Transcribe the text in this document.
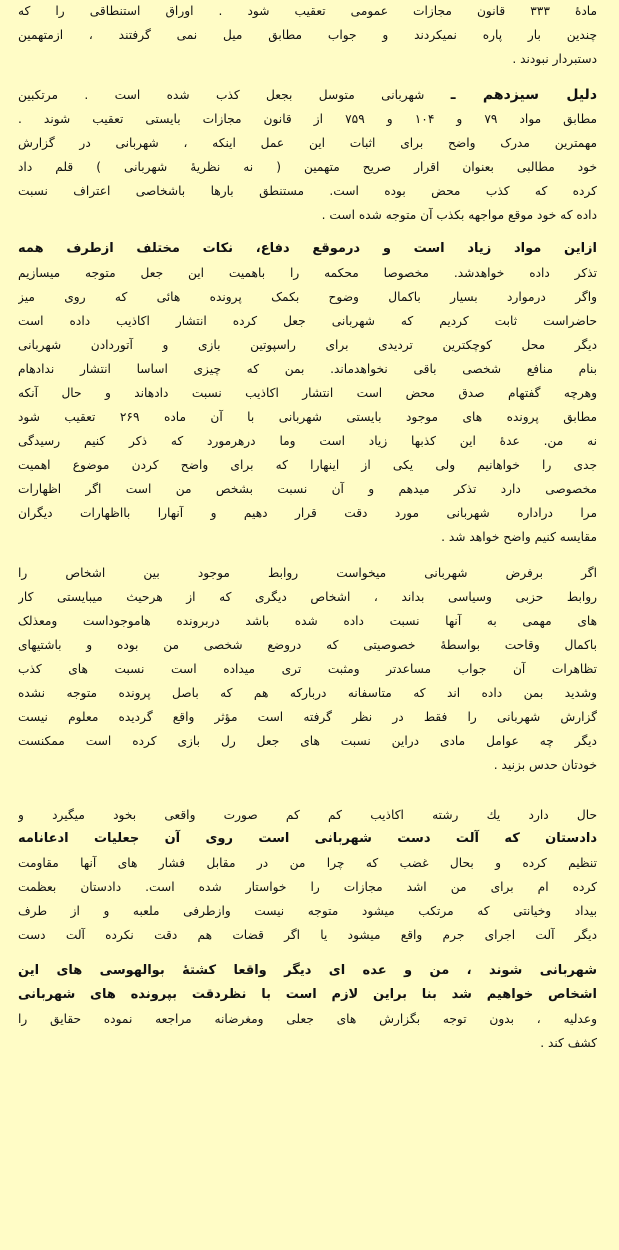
مادهٔ ۳۳۳ قانون مجازات عمومی تعقیب شود . اوراق استنطاقی را که
چندین بار پاره نمیکردند و جواب مطابق میل نمی گرفتند ، ازمتهمین
دستبردار نبودند .
دلیل سیزدهم ـ شهربانی متوسل بجعل کذب شده است . مرتکبین
مطابق مواد ۷۹ و ۱۰۴ و ۷۵۹ از قانون مجازات بایستی تعقیب شوند .
مهمترین مدرک واضح برای اثبات این عمل اینکه ، شهربانی در گزارش
خود مطالبی بعنوان اقرار صریح متهمین ( نه نظریهٔ شهربانی ) قلم داد
کرده که کذب محض بوده است. مستنطق بارها باشخاصی اعتراف نسبت
داده که خود موقع مواجهه بکذب آن متوجه شده است .
ازاین مواد زیاد است و درموقع دفاع، نکات مختلف ازطرف همه
تذکر داده خواهدشد. مخصوصا محکمه را باهمیت این جعل متوجه میسازیم
واگر درموارد بسیار باکمال وضوح بکمک پرونده هائی که روی میز
حاضراست ثابت کردیم که شهربانی جعل کرده انتشار اکاذیب داده است
دیگر محل کوچکترین تردیدی برای راسپوتین بازی و آتوردادن شهربانی
بنام منافع شخصی باقی نخواهدماند. بمن که چیزی اساسا انتشار ندادهام
وهرچه گفتهام صدق محض است انتشار اکاذیب نسبت دادهاند و حال آنکه
مطابق پرونده های موجود بایستی شهربانی با آن ماده ۲۶۹ تعقیب شود
نه من. عدهٔ این کذبها زیاد است وما درهرمورد که ذکر کنیم رسیدگی
جدی را خواهانیم ولی یکی از اینهارا که برای واضح کردن موضوع اهمیت
مخصوصی دارد تذکر میدهم و آن نسبت بشخص من است اگر اظهارات
مرا دراداره شهربانی مورد دقت قرار دهیم و آنهارا بااظهارات دیگران
مقایسه کنیم واضح خواهد شد .
اگر برفرض شهربانی میخواست روابط موجود بین اشخاص را
روابط حزبی وسیاسی بداند ، اشخاص دیگری که از هرحیث میبایستی کار
های مهمی به آنها نسبت داده شده باشد دربرونده هاموجوداست ومعذلک
باکمال وقاحت بواسطهٔ خصوصیتی که دروضع شخصی من بوده و باشتیهای
تظاهرات آن جواب مساعدتر ومثبت تری میداده است نسبت های کذب
وشدید بمن داده اند که متاسفانه دربارکه هم که باصل پرونده متوجه نشده
گزارش شهربانی را فقط در نظر گرفته است مؤثر واقع گردیده معلوم نیست
دیگر چه عوامل مادی دراین نسبت های جعل رل بازی کرده است ممکنست
خودتان حدس بزنید .
حال دارد یك رشته اکاذیب کم کم صورت واقعی بخود میگیرد و
دادستان که آلت دست شهربانی است روی آن جعلیات ادعانامه
تنظیم کرده و بحال غضب که چرا من در مقابل فشار های آنها مقاومت
کرده ام برای من اشد مجازات را خواستار شده است. دادستان بعظمت
بیداد وخیانتی که مرتکب میشود متوجه نیست وازطرفی ملعبه و از طرف
دیگر آلت اجرای جرم واقع میشود یا اگر قضات هم دقت نکرده آلت دست
شهربانی شوند ، من و عده ای دیگر واقعا کشتهٔ بوالهوسی های این
اشخاص خواهیم شد بنا براین لازم است با نظردقت بپرونده های شهربانی
وعدلیه ، بدون توجه بگزارش های جعلی ومغرضانه مراجعه نموده حقایق را
کشف کند .
